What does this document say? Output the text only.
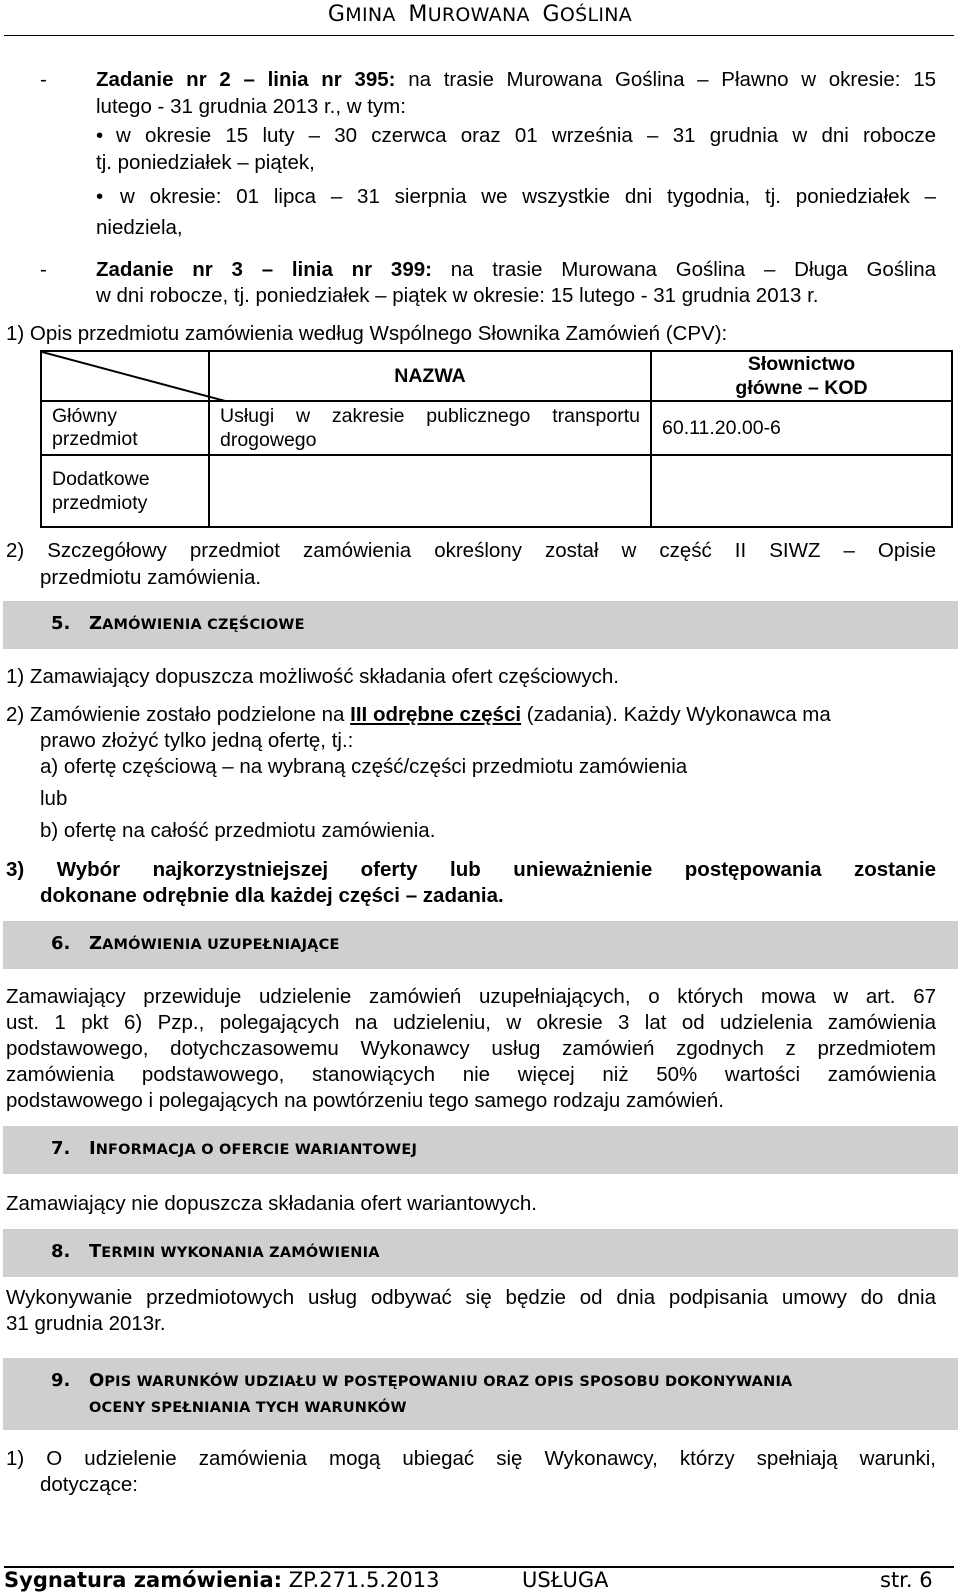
GMINA MUROWANA GOŚLINA
- Zadanie nr 2 – linia nr 395: na trasie Murowana Goślina – Pławno w okresie: 15
lutego - 31 grudnia 2013 r., w tym:
• w okresie 15 luty – 30 czerwca oraz 01 września – 31 grudnia w dni robocze
tj. poniedziałek – piątek,
• w okresie: 01 lipca – 31 sierpnia we wszystkie dni tygodnia, tj. poniedziałek –
niedziela,
- Zadanie nr 3 – linia nr 399: na trasie Murowana Goślina – Długa Goślina
w dni robocze, tj. poniedziałek – piątek w okresie: 15 lutego - 31 grudnia 2013 r.
1) Opis przedmiotu zamówienia według Wspólnego Słownika Zamówień (CPV):
	NAZWA	Słownictwo
główne – KOD
Główny przedmiot	Usługi w zakresie publicznego transportu drogowego	60.11.20.00-6
Dodatkowe przedmioty		
2) Szczegółowy przedmiot zamówienia określony został w część II SIWZ – Opisie
przedmiotu zamówienia.
5. ZAMÓWIENIA CZĘŚCIOWE
1) Zamawiający dopuszcza możliwość składania ofert częściowych.
2) Zamówienie zostało podzielone na III odrębne części (zadania). Każdy Wykonawca ma
prawo złożyć tylko jedną ofertę, tj.:
a) ofertę częściową – na wybraną część/części przedmiotu zamówienia
lub
b) ofertę na całość przedmiotu zamówienia.
3) Wybór najkorzystniejszej oferty lub unieważnienie postępowania zostanie
dokonane odrębnie dla każdej części – zadania.
6. ZAMÓWIENIA UZUPEŁNIAJĄCE
Zamawiający przewiduje udzielenie zamówień uzupełniających, o których mowa w art. 67
ust. 1 pkt 6) Pzp., polegających na udzieleniu, w okresie 3 lat od udzielenia zamówienia
podstawowego, dotychczasowemu Wykonawcy usług zamówień zgodnych z przedmiotem
zamówienia podstawowego, stanowiących nie więcej niż 50% wartości zamówienia
podstawowego i polegających na powtórzeniu tego samego rodzaju zamówień.
7. INFORMACJA O OFERCIE WARIANTOWEJ
Zamawiający nie dopuszcza składania ofert wariantowych.
8. TERMIN WYKONANIA ZAMÓWIENIA
Wykonywanie przedmiotowych usług odbywać się będzie od dnia podpisania umowy do dnia
31 grudnia 2013r.
9. OPIS WARUNKÓW UDZIAŁU W POSTĘPOWANIU ORAZ OPIS SPOSOBU DOKONYWANIA
OCENY SPEŁNIANIA TYCH WARUNKÓW
1) O udzielenie zamówienia mogą ubiegać się Wykonawcy, którzy spełniają warunki,
dotyczące:
Sygnatura zamówienia: ZP.271.5.2013	USŁUGA	str. 6
